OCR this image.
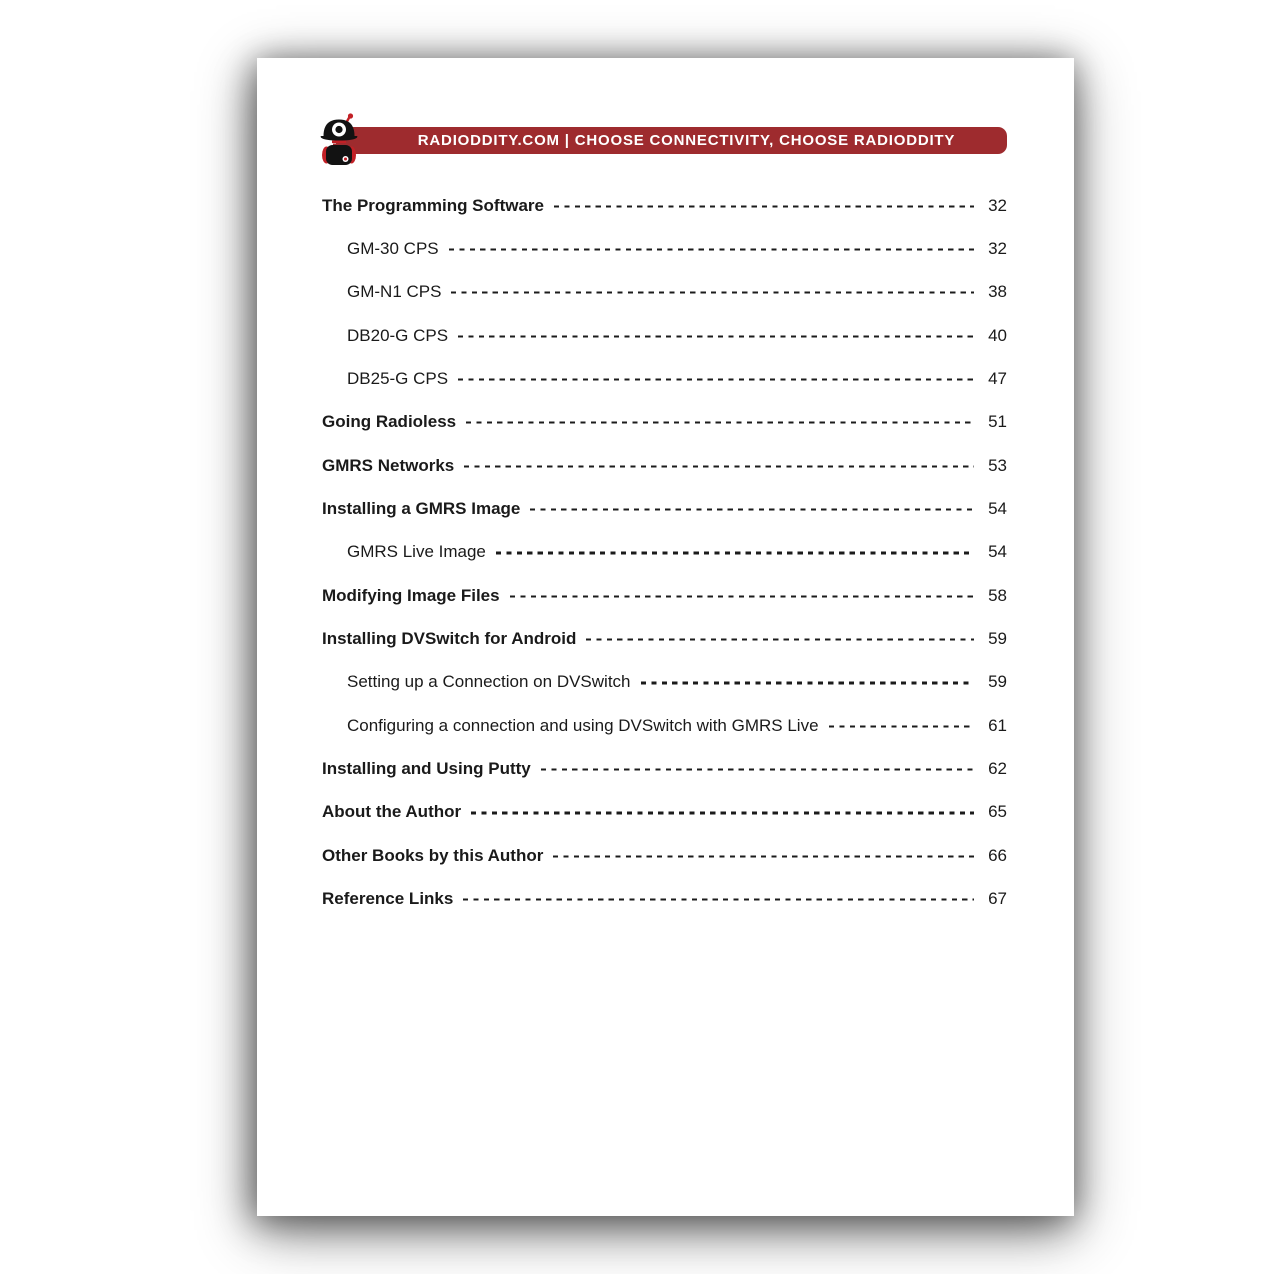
RADIODDITY.COM | CHOOSE CONNECTIVITY, CHOOSE RADIODDITY
The Programming Software	32
GM-30 CPS	32
GM-N1 CPS	38
DB20-G CPS	40
DB25-G CPS	47
Going Radioless	51
GMRS Networks	53
Installing a GMRS Image	54
GMRS Live Image	54
Modifying Image Files	58
Installing DVSwitch for Android	59
Setting up a Connection on DVSwitch	59
Configuring a connection and using DVSwitch with GMRS Live	61
Installing and Using Putty	62
About the Author	65
Other Books by this Author	66
Reference Links	67
